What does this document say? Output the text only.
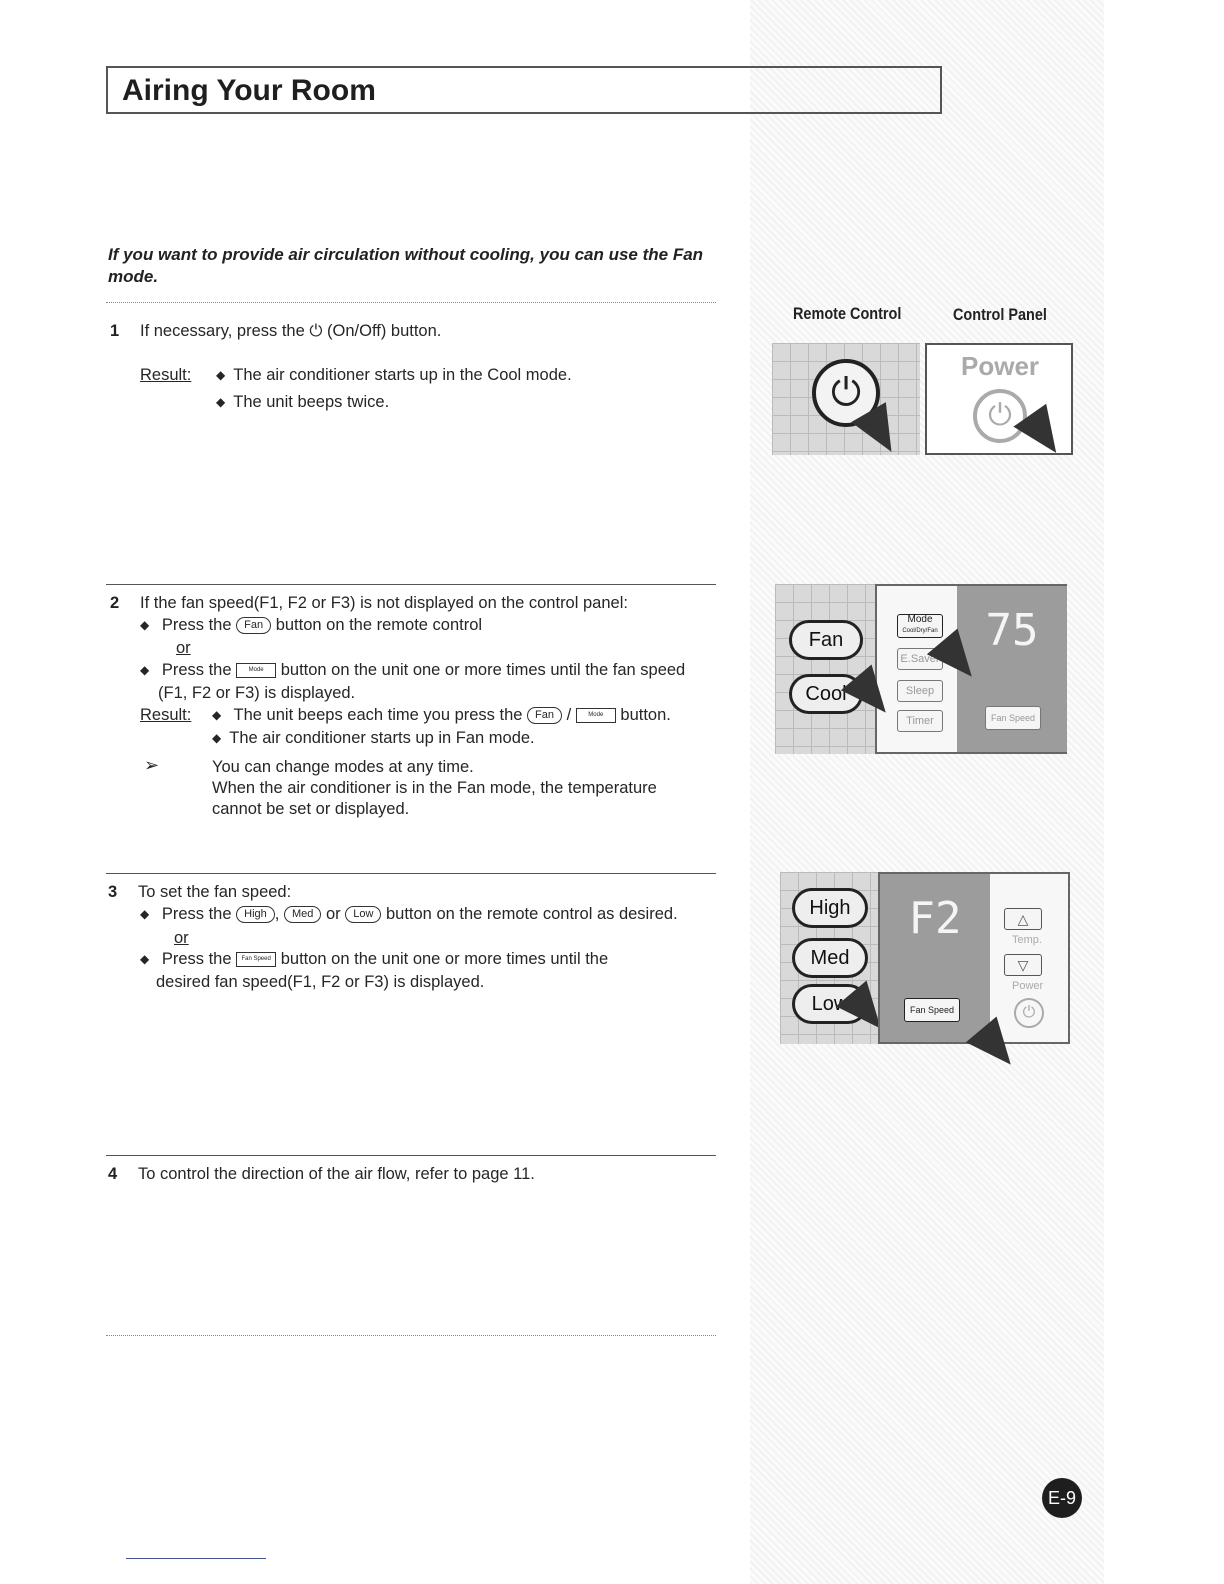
Airing Your Room
If you want to provide air circulation without cooling, you can use the Fan mode.
1 If necessary, press the ⏻ (On/Off) button.
Result:	◆ The air conditioner starts up in the Cool mode.
◆ The unit beeps twice.
2 If the fan speed(F1, F2 or F3) is not displayed on the control panel:
◆ Press the Fan button on the remote control
or
◆ Press the	Mode button on the unit one or more times until the fan speed
(F1, F2 or F3) is displayed.
Result:	◆ The unit beeps each time you press the Fan /	Mode button.
◆ The air conditioner starts up in Fan mode.
➢	You can change modes at any time.
When the air conditioner is in the Fan mode, the temperature
cannot be set or displayed.
3 To set the fan speed:
◆ Press the High , Med or Low button on the remote control as desired.
or
◆ Press the Fan Speed button on the unit one or more times until the
desired fan speed(F1, F2 or F3) is displayed.
4 To control the direction of the air flow, refer to page 11.
Remote Control	Control Panel
⏻
Power
⏻
Fan
Cool
Mode
Cool/Dry/Fan
E.Saver
Sleep
Timer
75
Fan Speed
High
Med
Low
F2
Fan Speed
△
Temp.
▽
Power
⏻
E-9
